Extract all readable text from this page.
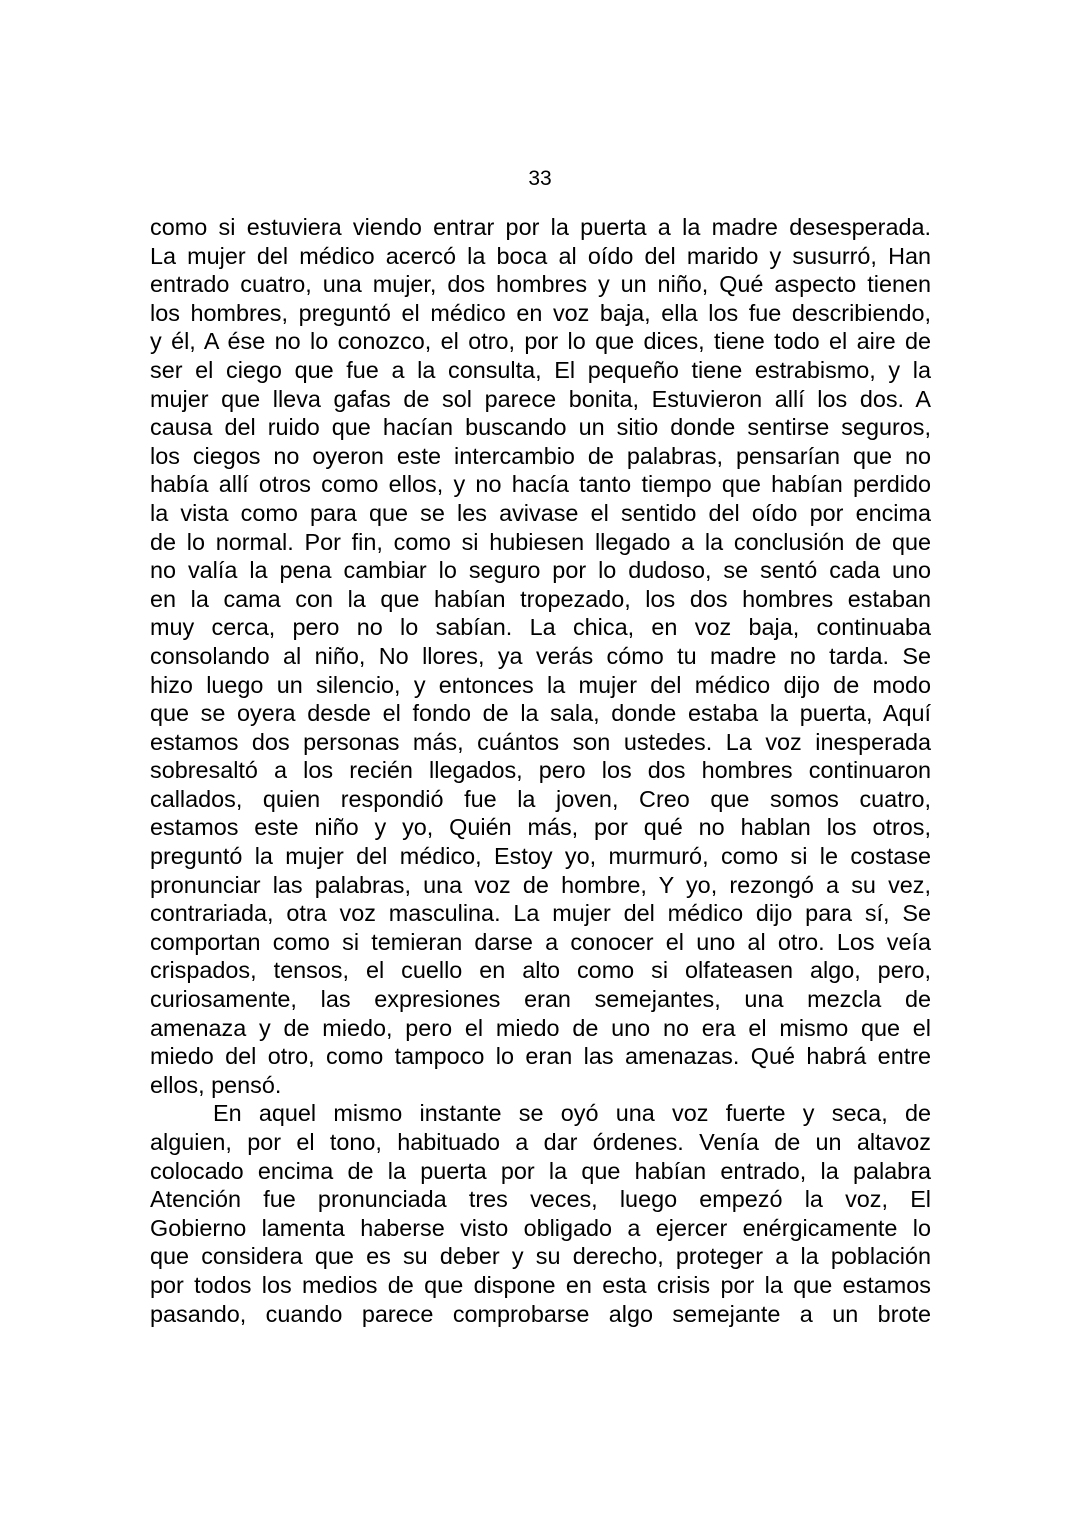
33
como si estuviera viendo entrar por la puerta a la madre desesperada.
La mujer del médico acercó la boca al oído del marido y susurró, Han
entrado cuatro, una mujer, dos hombres y un niño, Qué aspecto tienen
los hombres, preguntó el médico en voz baja, ella los fue describiendo,
y él, A ése no lo conozco, el otro, por lo que dices, tiene todo el aire de
ser el ciego que fue a la consulta, El pequeño tiene estrabismo, y la
mujer que lleva gafas de sol parece bonita, Estuvieron allí los dos. A
causa del ruido que hacían buscando un sitio donde sentirse seguros,
los ciegos no oyeron este intercambio de palabras, pensarían que no
había allí otros como ellos, y no hacía tanto tiempo que habían perdido
la vista como para que se les avivase el sentido del oído por encima
de lo normal. Por fin, como si hubiesen llegado a la conclusión de que
no valía la pena cambiar lo seguro por lo dudoso, se sentó cada uno
en la cama con la que habían tropezado, los dos hombres estaban
muy cerca, pero no lo sabían. La chica, en voz baja, continuaba
consolando al niño, No llores, ya verás cómo tu madre no tarda. Se
hizo luego un silencio, y entonces la mujer del médico dijo de modo
que se oyera desde el fondo de la sala, donde estaba la puerta, Aquí
estamos dos personas más, cuántos son ustedes. La voz inesperada
sobresaltó a los recién llegados, pero los dos hombres continuaron
callados, quien respondió fue la joven, Creo que somos cuatro,
estamos este niño y yo, Quién más, por qué no hablan los otros,
preguntó la mujer del médico, Estoy yo, murmuró, como si le costase
pronunciar las palabras, una voz de hombre, Y yo, rezongó a su vez,
contrariada, otra voz masculina. La mujer del médico dijo para sí, Se
comportan como si temieran darse a conocer el uno al otro. Los veía
crispados, tensos, el cuello en alto como si olfateasen algo, pero,
curiosamente, las expresiones eran semejantes, una mezcla de
amenaza y de miedo, pero el miedo de uno no era el mismo que el
miedo del otro, como tampoco lo eran las amenazas. Qué habrá entre
ellos, pensó.
En aquel mismo instante se oyó una voz fuerte y seca, de
alguien, por el tono, habituado a dar órdenes. Venía de un altavoz
colocado encima de la puerta por la que habían entrado, la palabra
Atención fue pronunciada tres veces, luego empezó la voz, El
Gobierno lamenta haberse visto obligado a ejercer enérgicamente lo
que considera que es su deber y su derecho, proteger a la población
por todos los medios de que dispone en esta crisis por la que estamos
pasando, cuando parece comprobarse algo semejante a un brote
